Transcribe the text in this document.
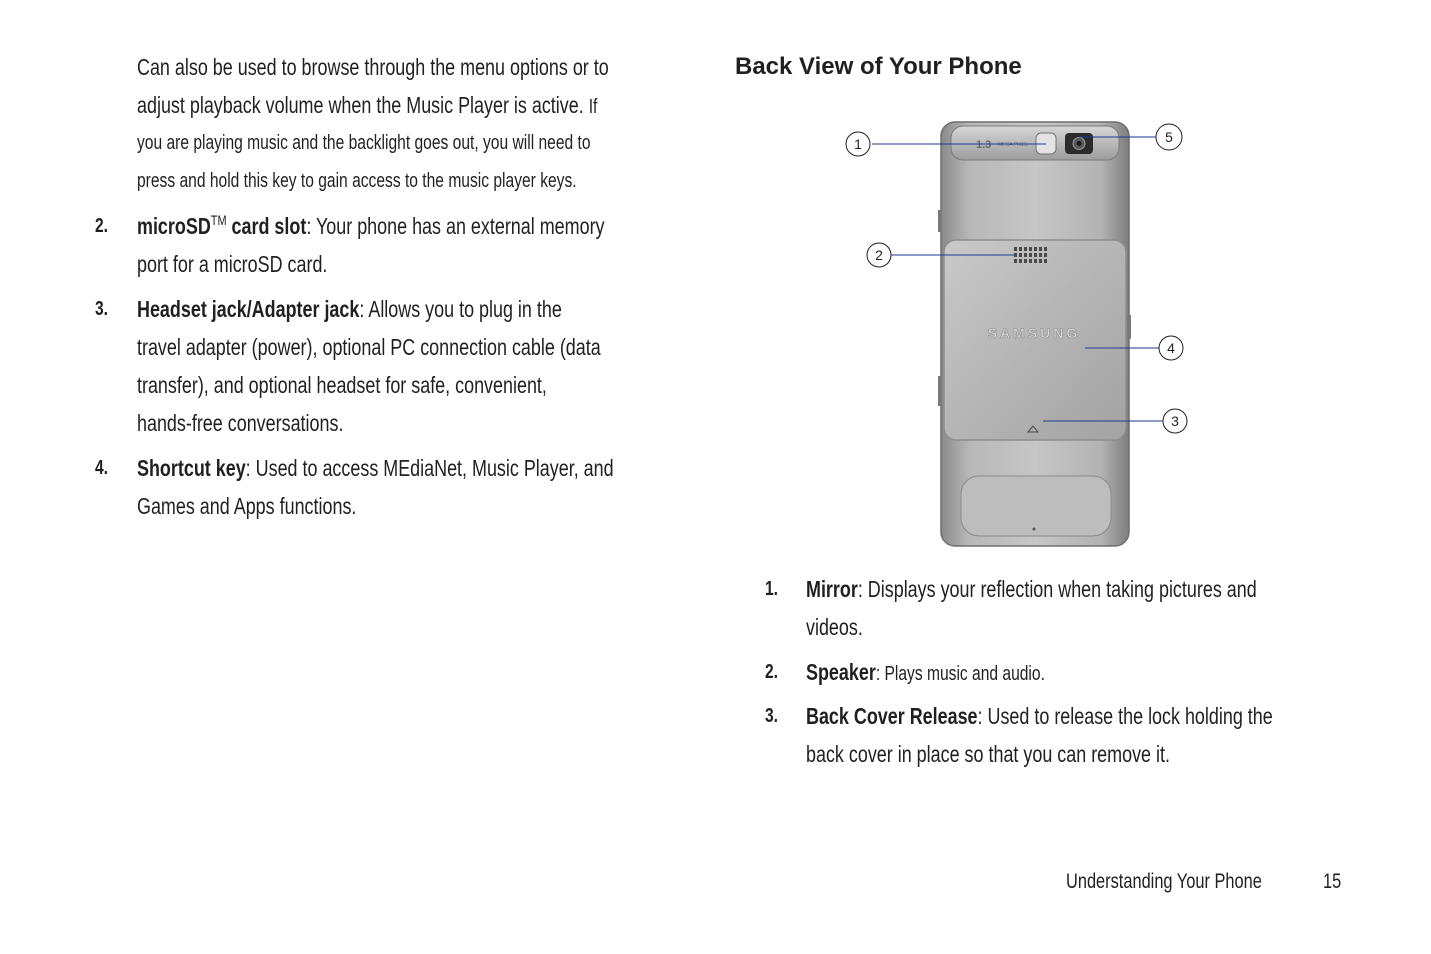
Can also be used to browse through the menu options or to
adjust playback volume when the Music Player is active. If
you are playing music and the backlight goes out, you will need to
press and hold this key to gain access to the music player keys.
2. microSD™ card slot: Your phone has an external memory
port for a microSD card.
3. Headset jack/Adapter jack: Allows you to plug in the
travel adapter (power), optional PC connection cable (data
transfer), and optional headset for safe, convenient,
hands-free conversations.
4. Shortcut key: Used to access MEdiaNet, Music Player, and
Games and Apps functions.
Back View of Your Phone
1.3 MEGA PIXEL
SAMSUNG
1
2
3
4
5
1. Mirror: Displays your reflection when taking pictures and
videos.
2. Speaker: Plays music and audio.
3. Back Cover Release: Used to release the lock holding the
back cover in place so that you can remove it.
Understanding Your Phone	15
